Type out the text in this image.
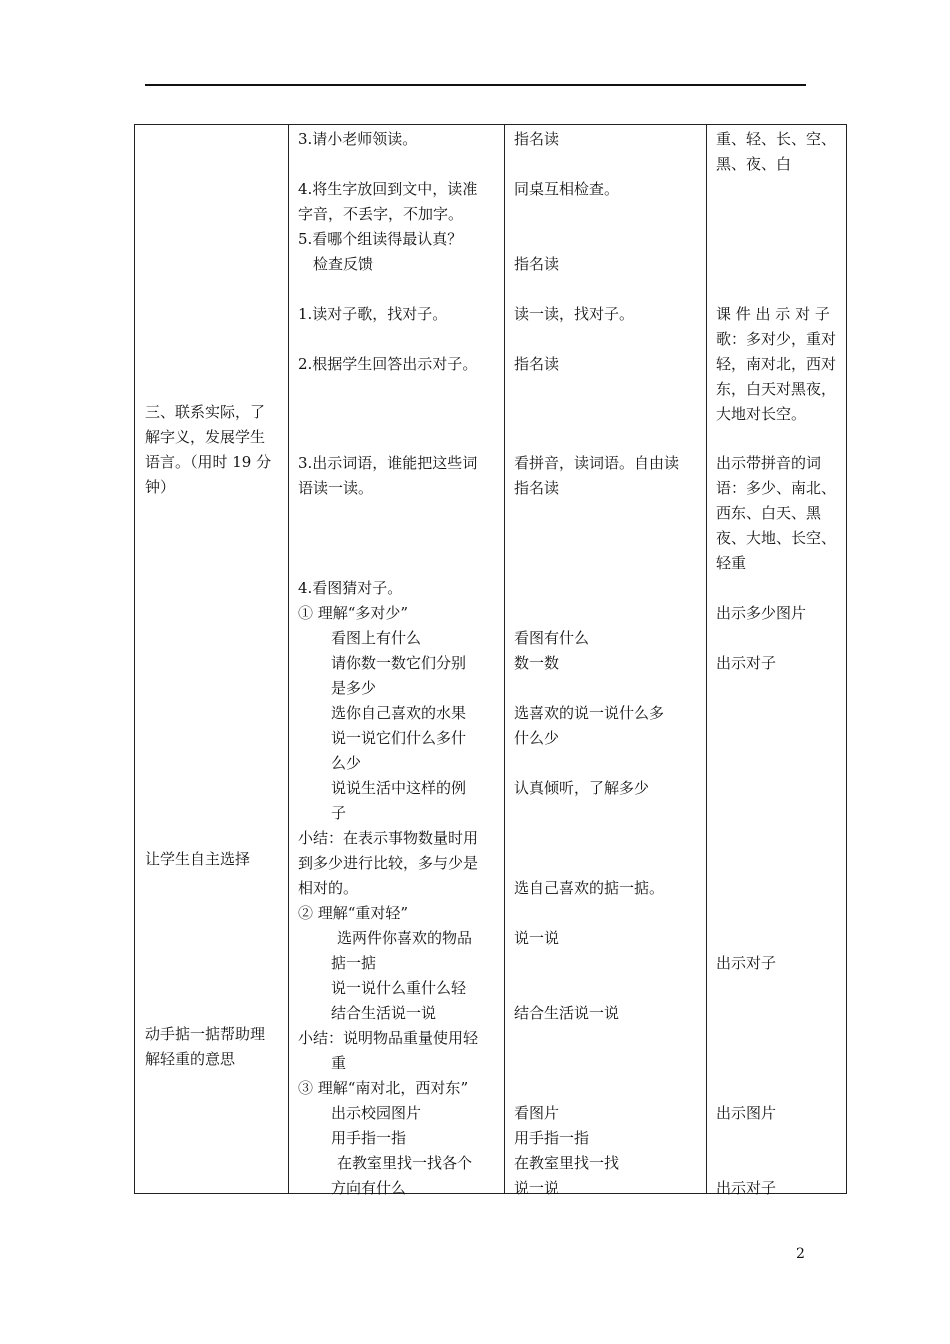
三、联系实际，了
解字义，发展学生
语言。（用时 19 分
钟）
让学生自主选择
动手掂一掂帮助理
解轻重的意思
3.请小老师领读。
4.将生字放回到文中，读准
字音，不丢字，不加字。
5.看哪个组读得最认真？
检查反馈
1.读对子歌，找对子。
2.根据学生回答出示对子。
3.出示词语，谁能把这些词
语读一读。
4.看图猜对子。
① 理解“多对少”
看图上有什么
请你数一数它们分别
是多少
选你自己喜欢的水果
说一说它们什么多什
么少
说说生活中这样的例
子
小结：在表示事物数量时用
到多少进行比较，多与少是
相对的。
② 理解“重对轻”
选两件你喜欢的物品
掂一掂
说一说什么重什么轻
结合生活说一说
小结：说明物品重量使用轻
重
③ 理解“南对北，西对东”
出示校园图片
用手指一指
在教室里找一找各个
方向有什么
指名读
同桌互相检查。
指名读
读一读，找对子。
指名读
看拼音，读词语。自由读
指名读
看图有什么
数一数
选喜欢的说一说什么多
什么少
认真倾听，了解多少
选自己喜欢的掂一掂。
说一说
结合生活说一说
看图片
用手指一指
在教室里找一找
说一说
重、轻、长、空、
黑、夜、白
课 件 出 示 对 子
歌：多对少，重对
轻，南对北，西对
东，白天对黑夜，
大地对长空。
出示带拼音的词
语：多少、南北、
西东、白天、黑
夜、大地、长空、
轻重
出示多少图片
出示对子
出示对子
出示图片
出示对子
2
